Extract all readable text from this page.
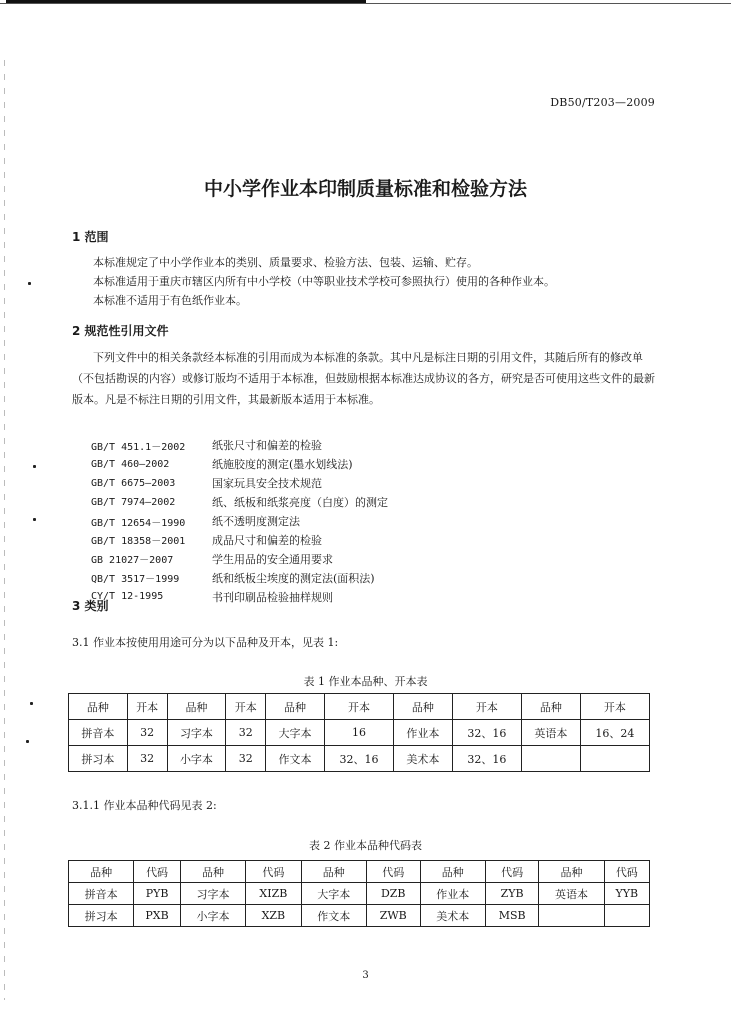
DB50/T203—2009
中小学作业本印制质量标准和检验方法
1 范围
本标准规定了中小学作业本的类别、质量要求、检验方法、包装、运输、贮存。
本标准适用于重庆市辖区内所有中小学校（中等职业技术学校可参照执行）使用的各种作业本。
本标准不适用于有色纸作业本。
2 规范性引用文件
下列文件中的相关条款经本标准的引用而成为本标准的条款。其中凡是标注日期的引用文件，其随后所有的修改单（不包括勘误的内容）或修订版均不适用于本标准，但鼓励根据本标准达成协议的各方，研究是否可使用这些文件的最新版本。凡是不标注日期的引用文件，其最新版本适用于本标准。
GB/T 451.1－2002	纸张尺寸和偏差的检验
GB/T 460—2002	纸施胶度的测定(墨水划线法)
GB/T 6675—2003	国家玩具安全技术规范
GB/T 7974—2002	纸、纸板和纸浆亮度（白度）的测定
GB/T 12654－1990	纸不透明度测定法
GB/T 18358－2001	成品尺寸和偏差的检验
GB 21027－2007	学生用品的安全通用要求
QB/T 3517－1999	纸和纸板尘埃度的测定法(面积法)
CY/T 12-1995	书刊印刷品检验抽样规则
3 类别
3.1 作业本按使用用途可分为以下品种及开本，见表 1:
表 1 作业本品种、开本表
品种	开本	品种	开本	品种	开本	品种	开本	品种	开本
拼音本	32	习字本	32	大字本	16	作业本	32、16	英语本	16、24
拼习本	32	小字本	32	作文本	32、16	美术本	32、16		
3.1.1 作业本品种代码见表 2:
表 2 作业本品种代码表
品种	代码	品种	代码	品种	代码	品种	代码	品种	代码
拼音本	PYB	习字本	XIZB	大字本	DZB	作业本	ZYB	英语本	YYB
拼习本	PXB	小字本	XZB	作文本	ZWB	美术本	MSB		
3
